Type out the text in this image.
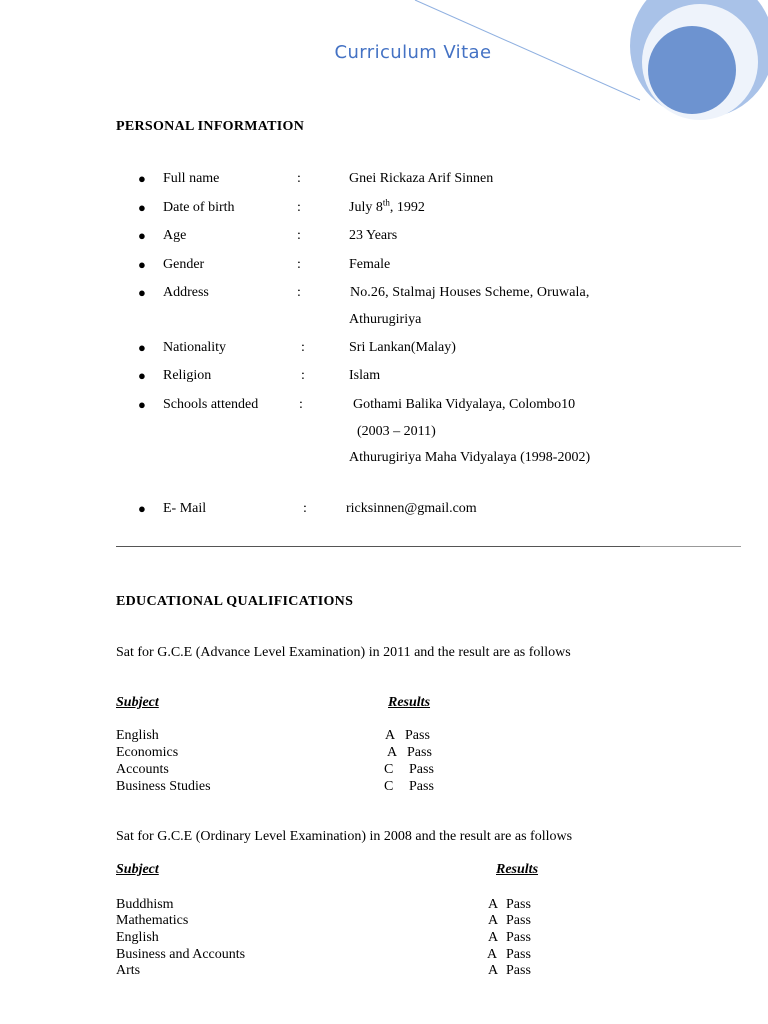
Curriculum Vitae
PERSONAL INFORMATION
● Full name	:	Gnei Rickaza Arif Sinnen
● Date of birth	:	July 8th, 1992
● Age	:	23 Years
● Gender	:	Female
● Address	:	No.26, Stalmaj Houses Scheme, Oruwala,
Athurugiriya
● Nationality	:	Sri Lankan(Malay)
● Religion	:	Islam
● Schools attended	:	Gothami Balika Vidyalaya, Colombo10
(2003 – 2011)
Athurugiriya Maha Vidyalaya (1998-2002)
● E- Mail	:	ricksinnen@gmail.com
EDUCATIONAL QUALIFICATIONS
Sat for G.C.E (Advance Level Examination) in 2011 and the result are as follows
Subject	Results
English	A Pass
Economics	A Pass
Accounts	C Pass
Business Studies	C Pass
Sat for G.C.E (Ordinary Level Examination) in 2008 and the result are as follows
Subject	Results
Buddhism	A Pass
Mathematics	A Pass
English	A Pass
Business and Accounts	A Pass
Arts	A Pass
